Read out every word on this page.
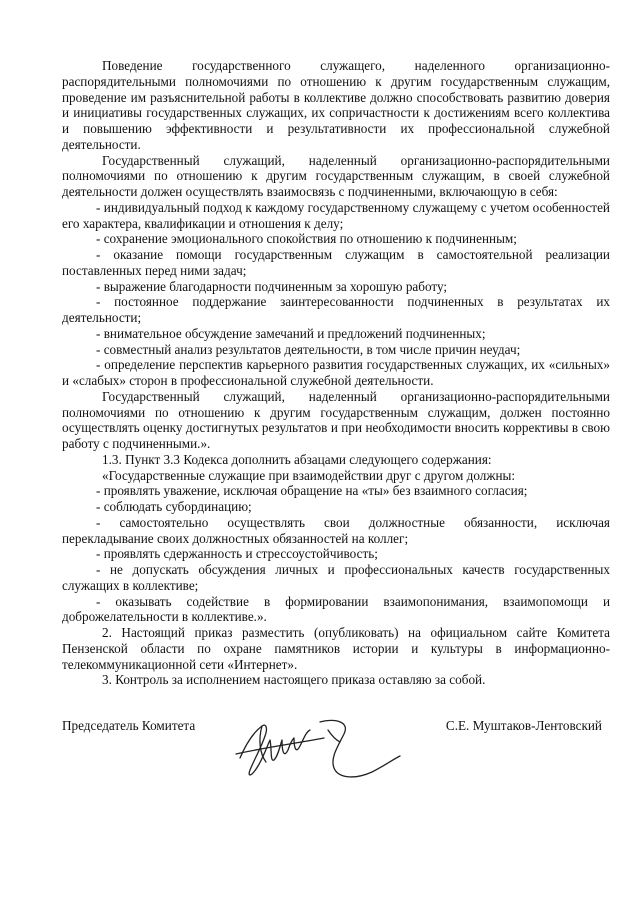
Поведение государственного служащего, наделенного организационно-распорядительными полномочиями по отношению к другим государственным служащим, проведение им разъяснительной работы в коллективе должно способствовать развитию доверия и инициативы государственных служащих, их сопричастности к достижениям всего коллектива и повышению эффективности и результативности их профессиональной служебной деятельности.

Государственный служащий, наделенный организационно-распорядительными полномочиями по отношению к другим государственным служащим, в своей служебной деятельности должен осуществлять взаимосвязь с подчиненными, включающую в себя:

- индивидуальный подход к каждому государственному служащему с учетом особенностей его характера, квалификации и отношения к делу;

- сохранение эмоционального спокойствия по отношению к подчиненным;

- оказание помощи государственным служащим в самостоятельной реализации поставленных перед ними задач;

- выражение благодарности подчиненным за хорошую работу;

- постоянное поддержание заинтересованности подчиненных в результатах их деятельности;

- внимательное обсуждение замечаний и предложений подчиненных;

- совместный анализ результатов деятельности, в том числе причин неудач;

- определение перспектив карьерного развития государственных служащих, их «сильных» и «слабых» сторон в профессиональной служебной деятельности.

Государственный служащий, наделенный организационно-распорядительными полномочиями по отношению к другим государственным служащим, должен постоянно осуществлять оценку достигнутых результатов и при необходимости вносить коррективы в свою работу с подчиненными.».

1.3. Пункт 3.3 Кодекса дополнить абзацами следующего содержания:

«Государственные служащие при взаимодействии друг с другом должны:

- проявлять уважение, исключая обращение на «ты» без взаимного согласия;

- соблюдать субординацию;

- самостоятельно осуществлять свои должностные обязанности, исключая перекладывание своих должностных обязанностей на коллег;

- проявлять сдержанность и стрессоустойчивость;

- не допускать обсуждения личных и профессиональных качеств государственных служащих в коллективе;

- оказывать содействие в формировании взаимопонимания, взаимопомощи и доброжелательности в коллективе.».

2. Настоящий приказ разместить (опубликовать) на официальном сайте Комитета Пензенской области по охране памятников истории и культуры в информационно-телекоммуникационной сети «Интернет».

3. Контроль за исполнением настоящего приказа оставляю за собой.

Председатель Комитета	С.Е. Муштаков-Лентовский
